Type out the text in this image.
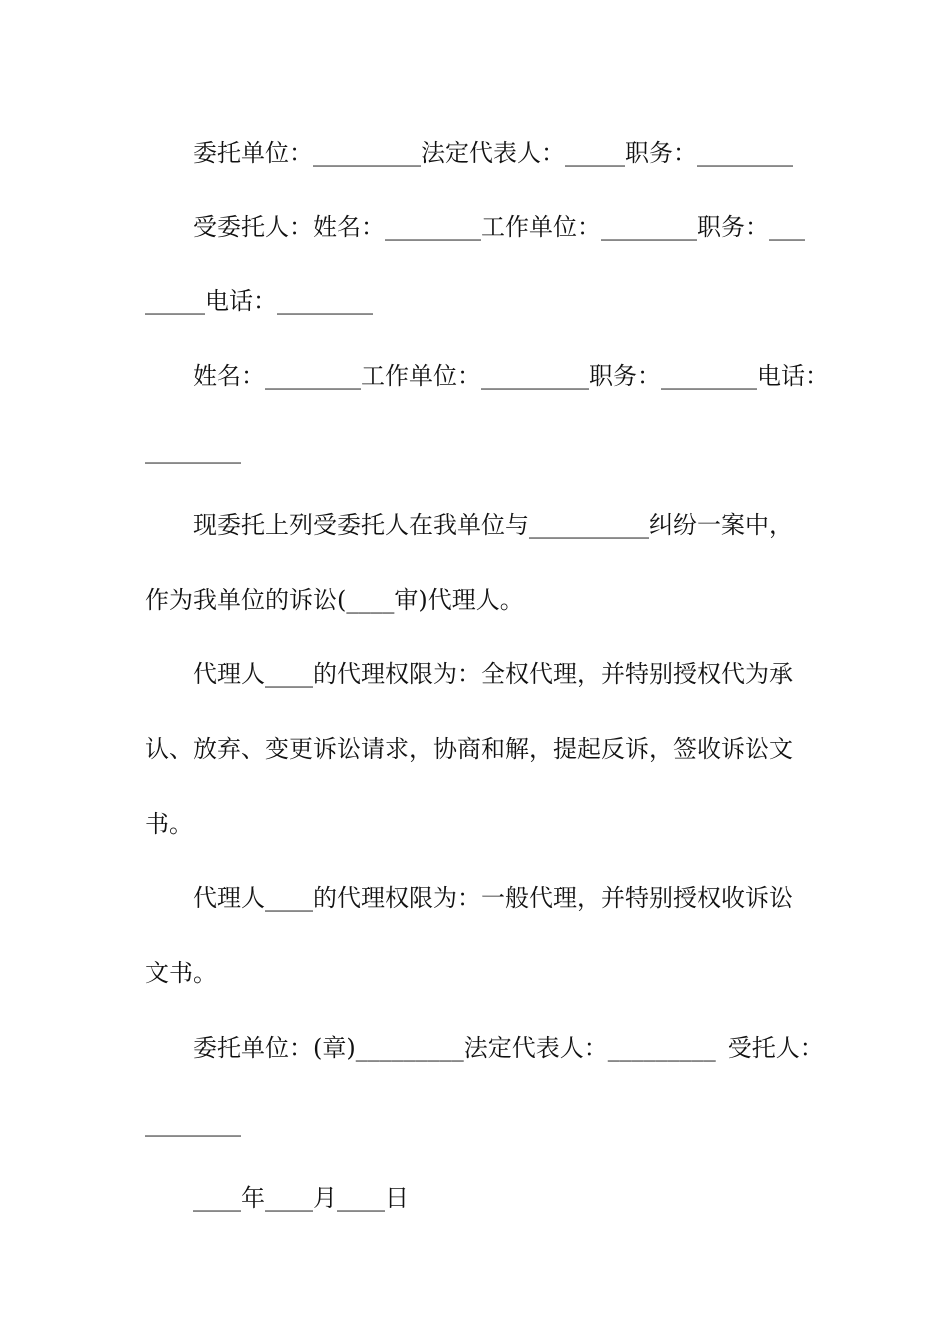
委托单位：_________法定代表人：_____职务：________
受委托人：姓名：________工作单位：________职务：___
_____电话：________
姓名：________工作单位：_________职务：________电话：
________
现委托上列受委托人在我单位与__________纠纷一案中，
作为我单位的诉讼(____审)代理人。
代理人____的代理权限为：全权代理，并特别授权代为承
认、放弃、变更诉讼请求，协商和解，提起反诉，签收诉讼文
书。
代理人____的代理权限为：一般代理，并特别授权收诉讼
文书。
委托单位：(章)_________法定代表人：_________ 受托人：
________
____年____月____日
